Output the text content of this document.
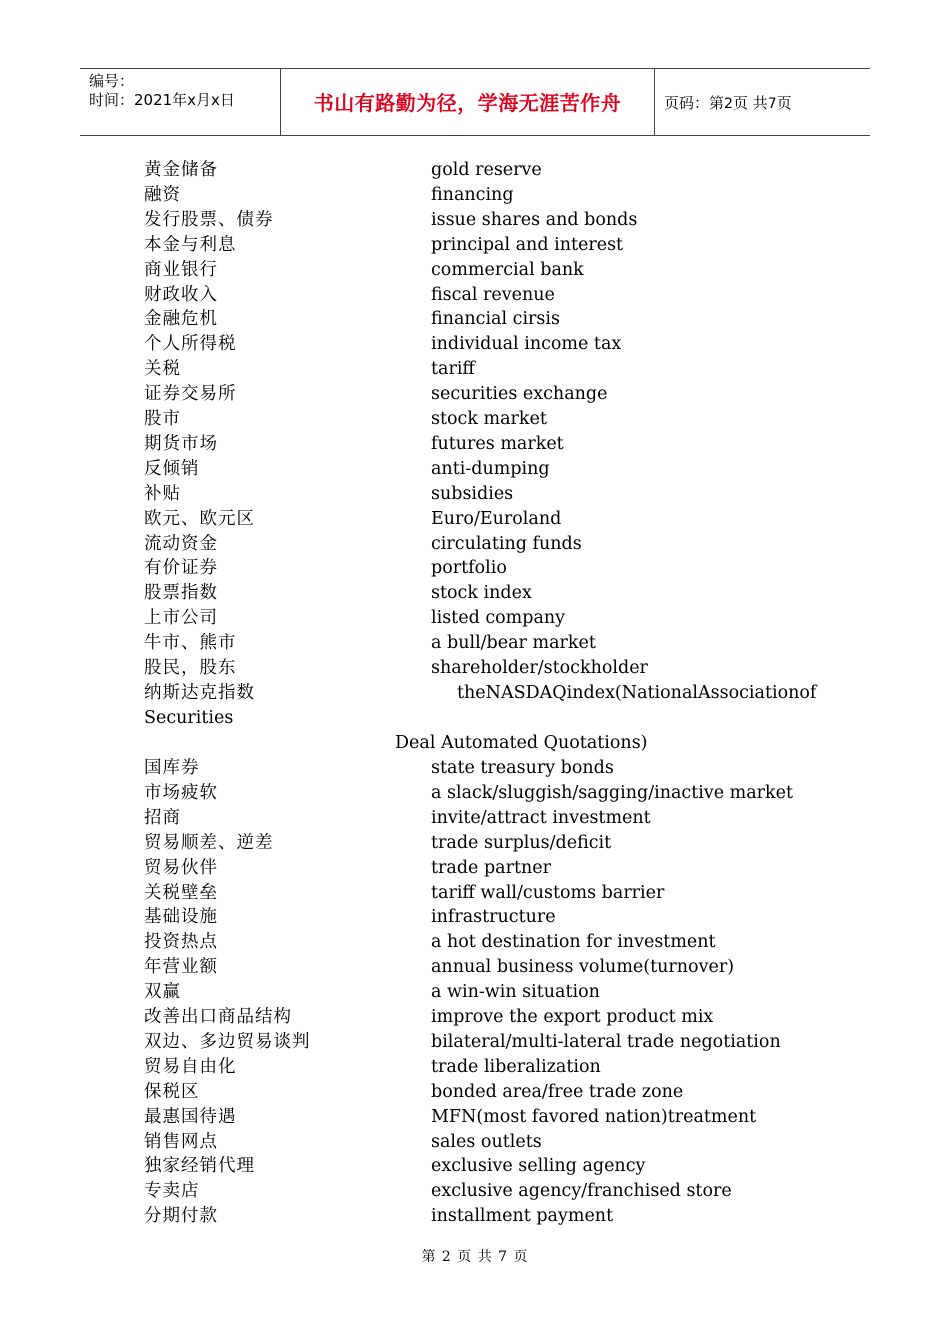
编号：
时间：2021年x月x日	书山有路勤为径，学海无涯苦作舟	页码：第2页 共7页
黄金储备	gold reserve
融资	financing
发行股票、债券	issue shares and bonds
本金与利息	principal and interest
商业银行	commercial bank
财政收入	fiscal revenue
金融危机	financial cirsis
个人所得税	individual income tax
关税	tariff
证券交易所	securities exchange
股市	stock market
期货市场	futures market
反倾销	anti-dumping
补贴	subsidies
欧元、欧元区	Euro/Euroland
流动资金	circulating funds
有价证券	portfolio
股票指数	stock index
上市公司	listed company
牛市、熊市	a bull/bear market
股民，股东	shareholder/stockholder
纳斯达克指数	the NASDAQ index(National Association of
Securities
Deal Automated Quotations)
国库券	state treasury bonds
市场疲软	a slack/sluggish/sagging/inactive market
招商	invite/attract investment
贸易顺差、逆差	trade surplus/deficit
贸易伙伴	trade partner
关税壁垒	tariff wall/customs barrier
基础设施	infrastructure
投资热点	a hot destination for investment
年营业额	annual business volume(turnover)
双赢	a win-win situation
改善出口商品结构	improve the export product mix
双边、多边贸易谈判	bilateral/multi-lateral trade negotiation
贸易自由化	trade liberalization
保税区	bonded area/free trade zone
最惠国待遇	MFN(most favored nation)treatment
销售网点	sales outlets
独家经销代理	exclusive selling agency
专卖店	exclusive agency/franchised store
分期付款	installment payment
第 2 页 共 7 页
